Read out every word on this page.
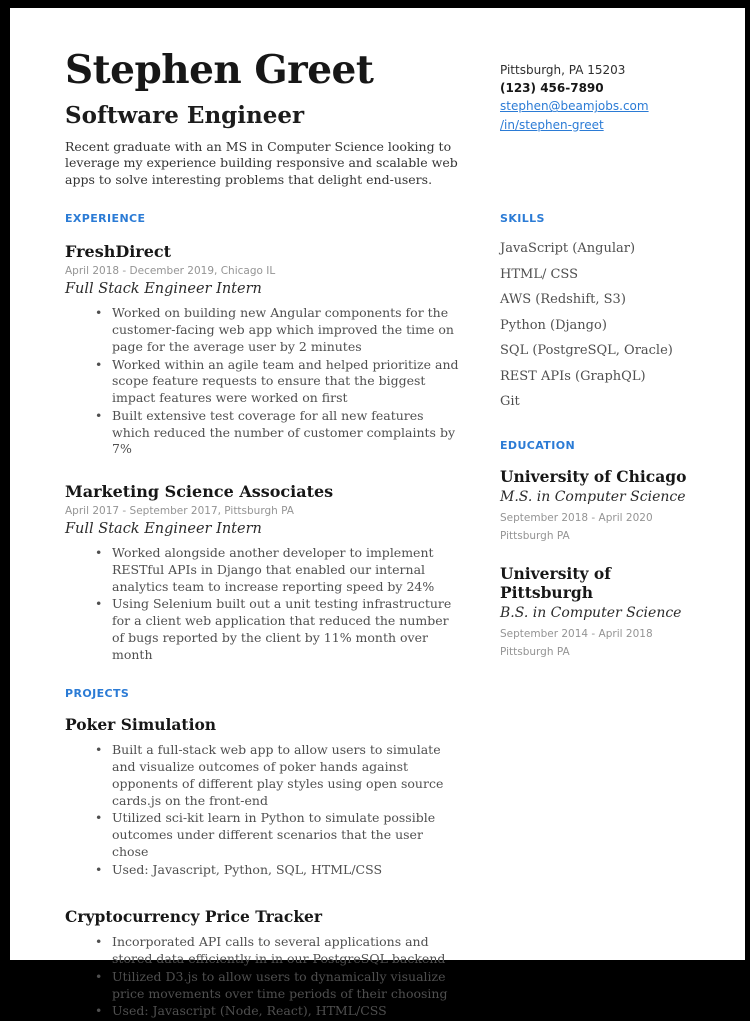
Stephen Greet
Software Engineer
Recent graduate with an MS in Computer Science looking to leverage my experience building responsive and scalable web apps to solve interesting problems that delight end-users.
Pittsburgh, PA 15203
(123) 456-7890
stephen@beamjobs.com
/in/stephen-greet
EXPERIENCE
FreshDirect
April 2018 - December 2019, Chicago IL
Full Stack Engineer Intern
• Worked on building new Angular components for the customer-facing web app which improved the time on page for the average user by 2 minutes
• Worked within an agile team and helped prioritize and scope feature requests to ensure that the biggest impact features were worked on first
• Built extensive test coverage for all new features which reduced the number of customer complaints by 7%
Marketing Science Associates
April 2017 - September 2017, Pittsburgh PA
Full Stack Engineer Intern
• Worked alongside another developer to implement RESTful APIs in Django that enabled our internal analytics team to increase reporting speed by 24%
• Using Selenium built out a unit testing infrastructure for a client web application that reduced the number of bugs reported by the client by 11% month over month
PROJECTS
Poker Simulation
• Built a full-stack web app to allow users to simulate and visualize outcomes of poker hands against opponents of different play styles using open source cards.js on the front-end
• Utilized sci-kit learn in Python to simulate possible outcomes under different scenarios that the user chose
• Used: Javascript, Python, SQL, HTML/CSS
Cryptocurrency Price Tracker
• Incorporated API calls to several applications and stored data efficiently in in our PostgreSQL backend
• Utilized D3.js to allow users to dynamically visualize price movements over time periods of their choosing
• Used: Javascript (Node, React), HTML/CSS
SKILLS
JavaScript (Angular)
HTML/ CSS
AWS (Redshift, S3)
Python (Django)
SQL (PostgreSQL, Oracle)
REST APIs (GraphQL)
Git
EDUCATION
University of Chicago
M.S. in Computer Science
September 2018 - April 2020
Pittsburgh PA
University of Pittsburgh
B.S. in Computer Science
September 2014 - April 2018
Pittsburgh PA
